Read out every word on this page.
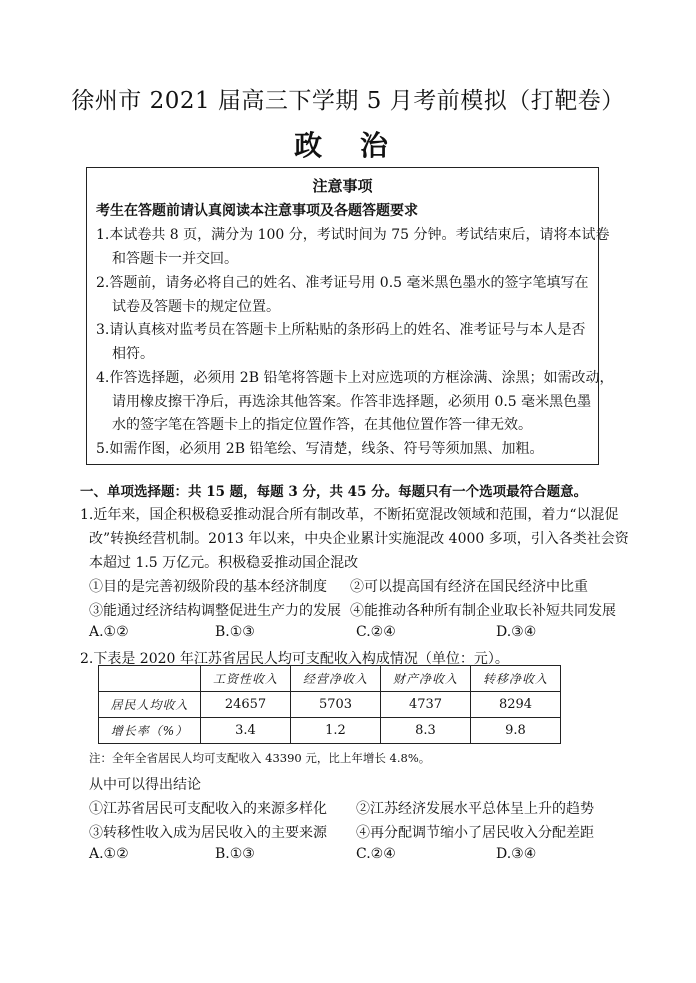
徐州市 2021 届高三下学期 5 月考前模拟（打靶卷）
政 治
注意事项
考生在答题前请认真阅读本注意事项及各题答题要求
1.本试卷共 8 页，满分为 100 分，考试时间为 75 分钟。考试结束后，请将本试卷
和答题卡一并交回。
2.答题前，请务必将自己的姓名、准考证号用 0.5 毫米黑色墨水的签字笔填写在
试卷及答题卡的规定位置。
3.请认真核对监考员在答题卡上所粘贴的条形码上的姓名、准考证号与本人是否
相符。
4.作答选择题，必须用 2B 铅笔将答题卡上对应选项的方框涂满、涂黑；如需改动，
请用橡皮擦干净后，再选涂其他答案。作答非选择题，必须用 0.5 毫米黑色墨
水的签字笔在答题卡上的指定位置作答，在其他位置作答一律无效。
5.如需作图，必须用 2B 铅笔绘、写清楚，线条、符号等须加黑、加粗。
一、单项选择题：共 15 题，每题 3 分，共 45 分。每题只有一个选项最符合题意。
1.近年来，国企积极稳妥推动混合所有制改革，不断拓宽混改领域和范围，着力“以混促
改”转换经营机制。2013 年以来，中央企业累计实施混改 4000 多项，引入各类社会资
本超过 1.5 万亿元。积极稳妥推动国企混改
①目的是完善初级阶段的基本经济制度 ②可以提高国有经济在国民经济中比重
③能通过经济结构调整促进生产力的发展 ④能推动各种所有制企业取长补短共同发展
A.①②	B.①③	C.②④	D.③④
2.下表是 2020 年江苏省居民人均可支配收入构成情况（单位：元）。
	工资性收入	经营净收入	财产净收入	转移净收入
居民人均收入	24657	5703	4737	8294
增长率（%）	3.4	1.2	8.3	9.8
注：全年全省居民人均可支配收入 43390 元，比上年增长 4.8%。
从中可以得出结论
①江苏省居民可支配收入的来源多样化 ②江苏经济发展水平总体呈上升的趋势
③转移性收入成为居民收入的主要来源 ④再分配调节缩小了居民收入分配差距
A.①②	B.①③	C.②④	D.③④
